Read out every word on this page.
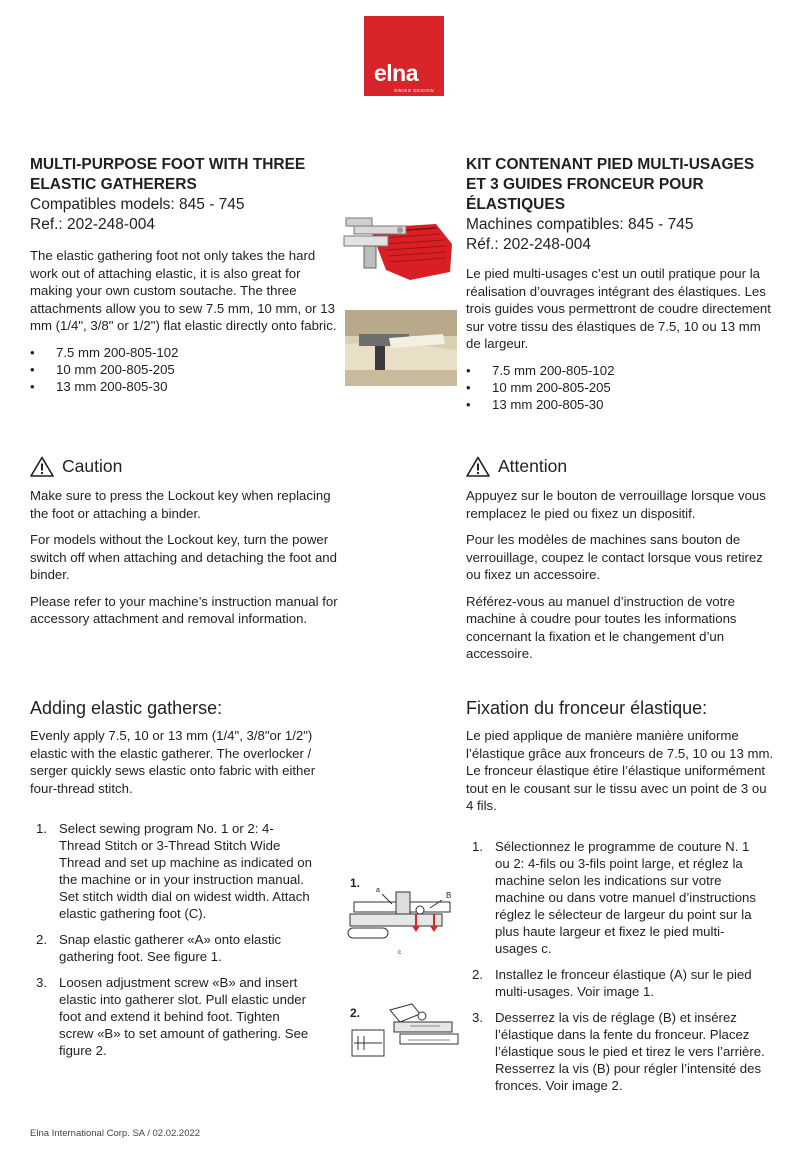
elna
SWISS DESIGN
MULTI-PURPOSE FOOT WITH THREE
ELASTIC GATHERERS
Compatibles models: 845 - 745
Ref.: 202-248-004

The elastic gathering foot not only takes the hard work out of attaching elastic, it is also great for making your own custom soutache. The three attachments allow you to sew 7.5 mm, 10 mm, or 13 mm (1/4", 3/8" or 1/2") flat elastic directly onto fabric.

• 7.5 mm 200-805-102
• 10 mm 200-805-205
• 13 mm 200-805-30
KIT CONTENANT PIED MULTI-USAGES
ET 3 GUIDES FRONCEUR POUR
ÉLASTIQUES
Machines compatibles: 845 - 745
Réf.: 202-248-004

Le pied multi-usages c’est un outil pratique pour la réalisation d’ouvrages intégrant des élastiques. Les trois guides vous permettront de coudre directement sur votre tissu des élastiques de 7.5, 10 ou 13 mm de largeur.

• 7.5 mm 200-805-102
• 10 mm 200-805-205
• 13 mm 200-805-30
Caution

Make sure to press the Lockout key when replacing the foot or attaching a binder.

For models without the Lockout key, turn the power switch off when attaching and detaching the foot and binder.

Please refer to your machine’s instruction manual for accessory attachment and removal information.

Attention

Appuyez sur le bouton de verrouillage lorsque vous remplacez le pied ou fixez un dispositif.

Pour les modèles de machines sans bouton de verrouillage, coupez le contact lorsque vous retirez ou fixez un accessoire.

Référez-vous au manuel d’instruction de votre machine à coudre pour toutes les informations concernant la fixation et le changement d’un accessoire.

Adding elastic gatherse:

Evenly apply 7.5, 10 or 13 mm (1/4", 3/8"or 1/2") elastic with the elastic gatherer. The overlocker / serger quickly sews elastic onto fabric with either four-thread stitch.

1. Select sewing program No. 1 or 2: 4-Thread Stitch or 3-Thread Stitch Wide Thread and set up machine as indicated on the machine or in your instruction manual. Set stitch width dial on widest width. Attach elastic gathering foot (C).
2. Snap elastic gatherer «A» onto elastic gathering foot. See figure 1.
3. Loosen adjustment screw «B» and insert elastic into gatherer slot. Pull elastic under foot and extend it behind foot. Tighten screw «B» to set amount of gathering. See figure 2.
Fixation du fronceur élastique:

Le pied applique de manière manière uniforme l’élastique grâce aux fronceurs de 7.5, 10 ou 13 mm. Le fronceur élastique étire l’élastique uniformément tout en le cousant sur le tissu avec un point de 3 ou 4 fils.

1. Sélectionnez le programme de couture N. 1 ou 2: 4-fils ou 3-fils point large, et réglez la machine selon les indications sur votre machine ou dans votre manuel d’instructions réglez le sélecteur de largeur du point sur la plus haute largeur et fixez le pied multi-usages c.
2. Installez le fronceur élastique (A) sur le pied multi-usages. Voir image 1.
3. Desserrez la vis de réglage (B) et insérez l’élastique dans la fente du fronceur. Placez l’élastique sous le pied et tirez le vers l’arrière. Resserrez la vis (B) pour régler l’intensité des fronces. Voir image 2.
1.
a
B
c
2.
Elna International Corp. SA / 02.02.2022
